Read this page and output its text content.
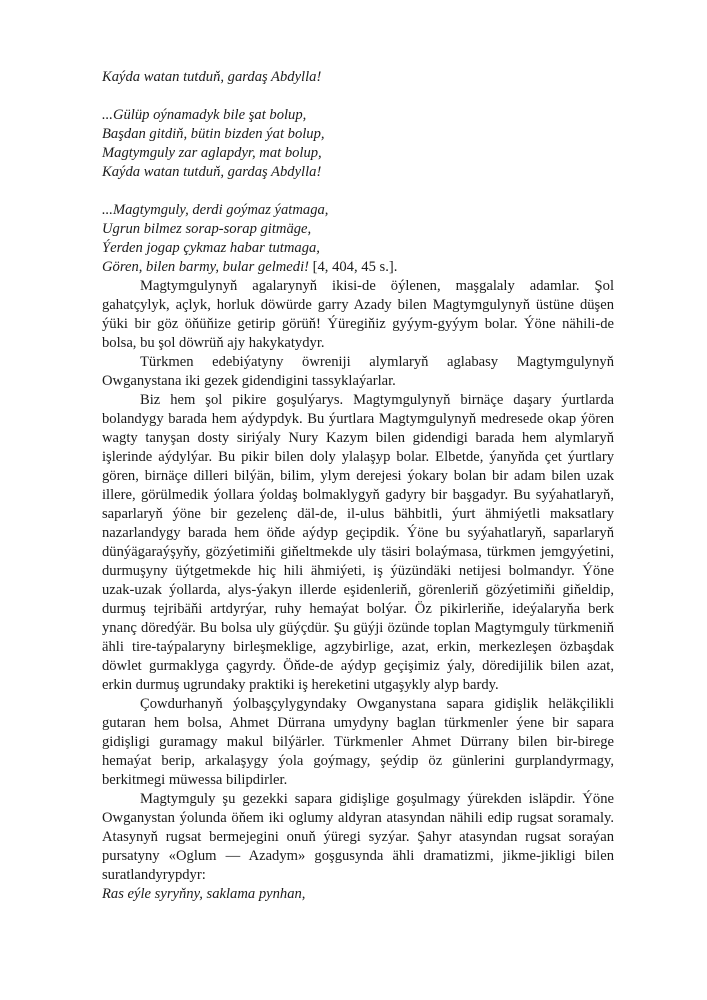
Kaýda watan tutduň, gardaş Abdylla!

...Gülüp oýnamadyk bile şat bolup,

Başdan gitdiň, bütin bizden ýat bolup,

Magtymguly zar aglapdyr, mat bolup,

Kaýda watan tutduň, gardaş Abdylla!

...Magtymguly, derdi goýmaz ýatmaga,

Ugrun bilmez sorap-sorap gitmäge,

Ýerden jogap çykmaz habar tutmaga,

Gören, bilen barmy, bular gelmedi! [4, 404, 45 s.].

Magtymgulynyň agalarynyň ikisi-de öýlenen, maşgalaly adamlar. Şol gahatçylyk, açlyk, horluk döwürde garry Azady bilen Magtymgulynyň üstüne düşen ýüki bir göz öňüňize getirip görüň! Ýüregiňiz gyýym-gyýym bolar. Ýöne nähili-de bolsa, bu şol döwrüň ajy hakykatydyr.

Türkmen edebiýatyny öwreniji alymlaryň aglabasy Magtymgulynyň Owganystana iki gezek gidendigini tassyklaýarlar.

Biz hem şol pikire goşulýarys. Magtymgulynyň birnäçe daşary ýurtlarda bolandygy barada hem aýdypdyk. Bu ýurtlara Magtymgulynyň medresede okap ýören wagty tanyşan dosty siriýaly Nury Kazym bilen gidendigi barada hem alymlaryň işlerinde aýdylýar. Bu pikir bilen doly ylalaşyp bolar. Elbetde, ýanyňda çet ýurtlary gören, birnäçe dilleri bilýän, bilim, ylym derejesi ýokary bolan bir adam bilen uzak illere, görülmedik ýollara ýoldaş bolmaklygyň gadyry bir başgadyr. Bu syýahatlaryň, saparlaryň ýöne bir gezelenç däl-de, il-ulus bähbitli, ýurt ähmiýetli maksatlary nazarlandygy barada hem öňde aýdyp geçipdik. Ýöne bu syýahatlaryň, saparlaryň dünýägaraýşyňy, gözýetimiňi giňeltmekde uly täsiri bolaýmasa, türkmen jemgyýetini, durmuşyny üýtgetmekde hiç hili ähmiýeti, iş ýüzündäki netijesi bolmandyr. Ýöne uzak-uzak ýollarda, alys-ýakyn illerde eşidenleriň, görenleriň gözýetimiňi giňeldip, durmuş tejribäňi artdyrýar, ruhy hemaýat bolýar. Öz pikirleriňe, ideýalaryňa berk ynanç döredýär. Bu bolsa uly güýçdür. Şu güýji özünde toplan Magtymguly türkmeniň ähli tire-taýpalaryny birleşmeklige, agzybirlige, azat, erkin, merkezleşen özbaşdak döwlet gurmaklyga çagyrdy. Öňde-de aýdyp geçişimiz ýaly, döredijilik bilen azat, erkin durmuş ugrundaky praktiki iş hereketini utgaşykly alyp bardy.

Çowdurhanyň ýolbaşçylygyndaky Owganystana sapara gidişlik heläkçilikli gutaran hem bolsa, Ahmet Dürrana umydyny baglan türkmenler ýene bir sapara gidişligi guramagy makul bilýärler. Türkmenler Ahmet Dürrany bilen bir-birege hemaýat berip, arkalaşygy ýola goýmagy, şeýdip öz günlerini gurplandyrmagy, berkitmegi müwessa bilipdirler.

Magtymguly şu gezekki sapara gidişlige goşulmagy ýürekden isläpdir. Ýöne Owganystan ýolunda öňem iki oglumy aldyran atasyndan nähili edip rugsat soramaly. Atasynyň rugsat bermejegini onuň ýüregi syzýar. Şahyr atasyndan rugsat soraýan pursatyny «Oglum — Azadym» goşgusynda ähli dramatizmi, jikme-jikligi bilen suratlandyrypdyr:

Ras eýle syryňny, saklama pynhan,
